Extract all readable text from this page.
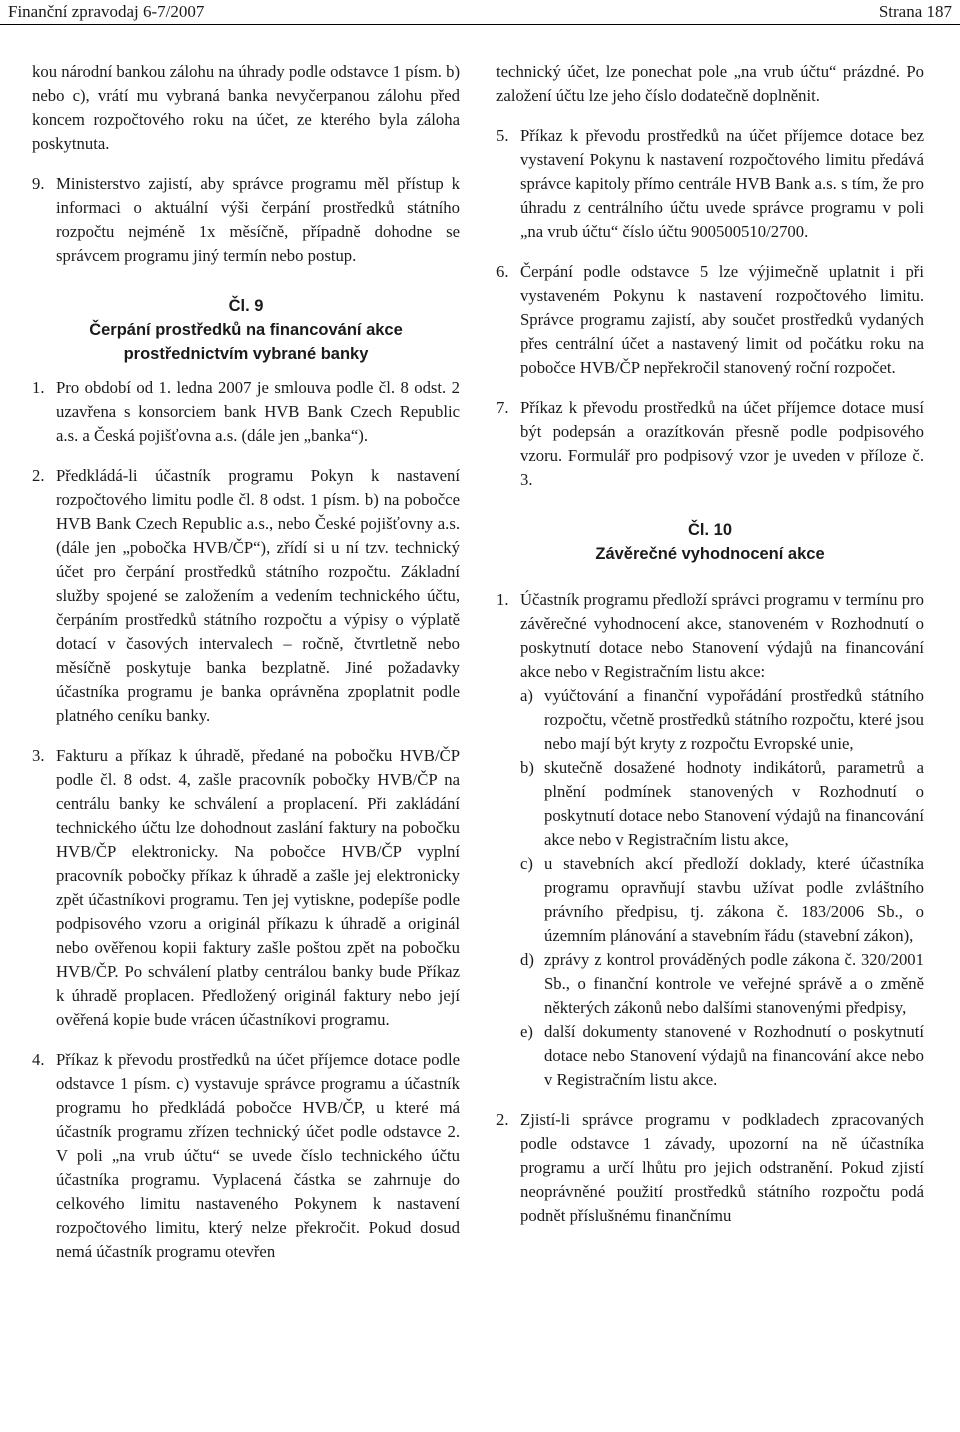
Finanční zpravodaj 6-7/2007	Strana 187

kou národní bankou zálohu na úhrady podle odstavce 1 písm. b) nebo c), vrátí mu vybraná banka nevyčerpanou zálohu před koncem rozpočtového roku na účet, ze kterého byla záloha poskytnuta.

9. Ministerstvo zajistí, aby správce programu měl přístup k informaci o aktuální výši čerpání prostředků státního rozpočtu nejméně 1x měsíčně, případně dohodne se správcem programu jiný termín nebo postup.

Čl. 9

Čerpání prostředků na financování akce prostřednictvím vybrané banky

1. Pro období od 1. ledna 2007 je smlouva podle čl. 8 odst. 2 uzavřena s konsorciem bank HVB Bank Czech Republic a.s. a Česká pojišťovna a.s. (dále jen „banka“).

2. Předkládá-li účastník programu Pokyn k nastavení rozpočtového limitu podle čl. 8 odst. 1 písm. b) na pobočce HVB Bank Czech Republic a.s., nebo České pojišťovny a.s. (dále jen „pobočka HVB/ČP“), zřídí si u ní tzv. technický účet pro čerpání prostředků státního rozpočtu. Základní služby spojené se založením a vedením technického účtu, čerpáním prostředků státního rozpočtu a výpisy o výplatě dotací v časových intervalech – ročně, čtvrtletně nebo měsíčně poskytuje banka bezplatně. Jiné požadavky účastníka programu je banka oprávněna zpoplatnit podle platného ceníku banky.

3. Fakturu a příkaz k úhradě, předané na pobočku HVB/ČP podle čl. 8 odst. 4, zašle pracovník pobočky HVB/ČP na centrálu banky ke schválení a proplacení. Při zakládání technického účtu lze dohodnout zaslání faktury na pobočku HVB/ČP elektronicky. Na pobočce HVB/ČP vyplní pracovník pobočky příkaz k úhradě a zašle jej elektronicky zpět účastníkovi programu. Ten jej vytiskne, podepíše podle podpisového vzoru a originál příkazu k úhradě a originál nebo ověřenou kopii faktury zašle poštou zpět na pobočku HVB/ČP. Po schválení platby centrálou banky bude Příkaz k úhradě proplacen. Předložený originál faktury nebo její ověřená kopie bude vrácen účastníkovi programu.

4. Příkaz k převodu prostředků na účet příjemce dotace podle odstavce 1 písm. c) vystavuje správce programu a účastník programu ho předkládá pobočce HVB/ČP, u které má účastník programu zřízen technický účet podle odstavce 2. V poli „na vrub účtu“ se uvede číslo technického účtu účastníka programu. Vyplacená částka se zahrnuje do celkového limitu nastaveného Pokynem k nastavení rozpočtového limitu, který nelze překročit. Pokud dosud nemá účastník programu otevřen

technický účet, lze ponechat pole „na vrub účtu“ prázdné. Po založení účtu lze jeho číslo dodatečně doplněnit.

5. Příkaz k převodu prostředků na účet příjemce dotace bez vystavení Pokynu k nastavení rozpočtového limitu předává správce kapitoly přímo centrále HVB Bank a.s. s tím, že pro úhradu z centrálního účtu uvede správce programu v poli „na vrub účtu“ číslo účtu 900500510/2700.

6. Čerpání podle odstavce 5 lze výjimečně uplatnit i při vystaveném Pokynu k nastavení rozpočtového limitu. Správce programu zajistí, aby součet prostředků vydaných přes centrální účet a nastavený limit od počátku roku na pobočce HVB/ČP nepřekročil stanovený roční rozpočet.

7. Příkaz k převodu prostředků na účet příjemce dotace musí být podepsán a orazítkován přesně podle podpisového vzoru. Formulář pro podpisový vzor je uveden v příloze č. 3.

Čl. 10

Závěrečné vyhodnocení akce

1. Účastník programu předloží správci programu v termínu pro závěrečné vyhodnocení akce, stanoveném v Rozhodnutí o poskytnutí dotace nebo Stanovení výdajů na financování akce nebo v Registračním listu akce:

a) vyúčtování a finanční vypořádání prostředků státního rozpočtu, včetně prostředků státního rozpočtu, které jsou nebo mají být kryty z rozpočtu Evropské unie,

b) skutečně dosažené hodnoty indikátorů, parametrů a plnění podmínek stanovených v Rozhodnutí o poskytnutí dotace nebo Stanovení výdajů na financování akce nebo v Registračním listu akce,

c) u stavebních akcí předloží doklady, které účastníka programu opravňují stavbu užívat podle zvláštního právního předpisu, tj. zákona č. 183/2006 Sb., o územním plánování a stavebním řádu (stavební zákon),

d) zprávy z kontrol prováděných podle zákona č. 320/2001 Sb., o finanční kontrole ve veřejné správě a o změně některých zákonů nebo dalšími stanovenými předpisy,

e) další dokumenty stanovené v Rozhodnutí o poskytnutí dotace nebo Stanovení výdajů na financování akce nebo v Registračním listu akce.

2. Zjistí-li správce programu v podkladech zpracovaných podle odstavce 1 závady, upozorní na ně účastníka programu a určí lhůtu pro jejich odstranění. Pokud zjistí neoprávněné použití prostředků státního rozpočtu podá podnět příslušnému finančnímu
